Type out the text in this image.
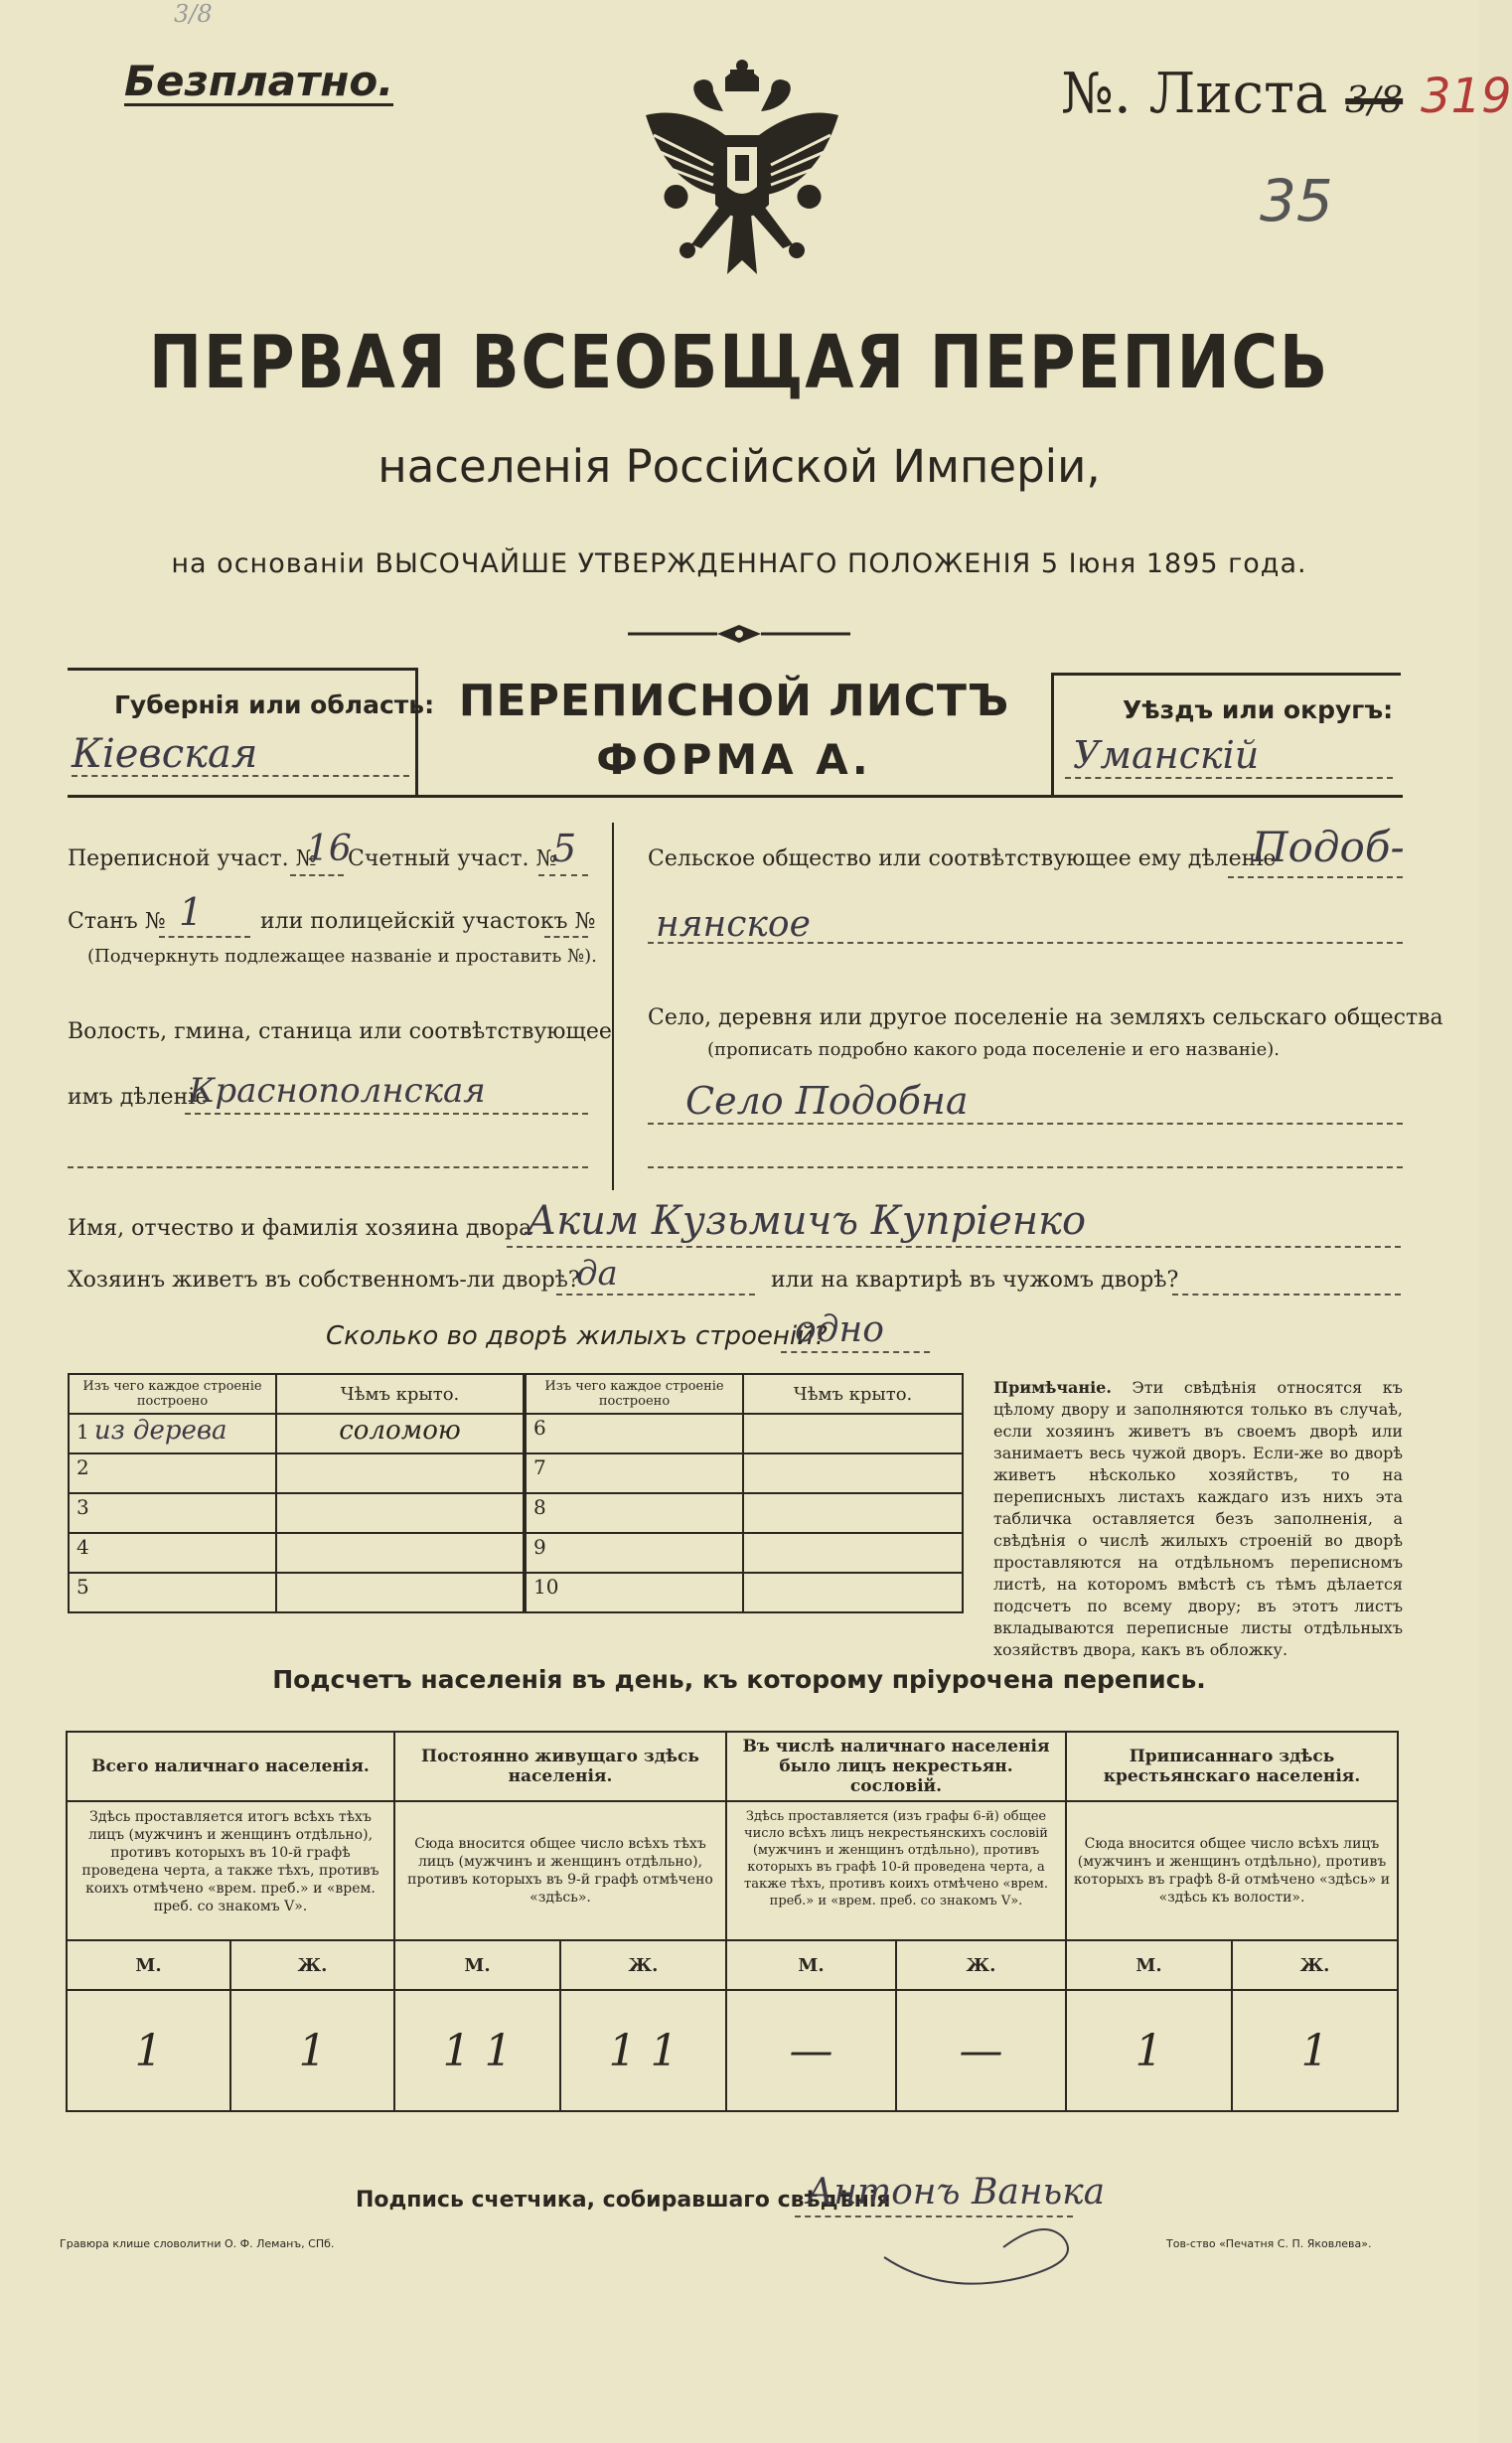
3/8
Безплатно.	№. Листа 3/8 319
35
ПЕРВАЯ ВСЕОБЩАЯ ПЕРЕПИСЬ
населенія Россійской Имперіи,
на основаніи ВЫСОЧАЙШЕ УТВЕРЖДЕННАГО ПОЛОЖЕНІЯ 5 Іюня 1895 года.
Губернія или область:
Кіевская
ПЕРЕПИСНОЙ ЛИСТЪ
ФОРМА А.
Уѣздъ или округъ:
Уманскій
Переписной участ. №
16
Счетный участ. №
5
Станъ № 1	или полицейскій участокъ №
(Подчеркнуть подлежащее названіе и проставить №).
Волость, гмина, станица или соотвѣтствующее
имъ дѣленіе
Краснополнская
Сельское общество или соотвѣтствующее ему дѣленіе
Подоб-
нянское
Село, деревня или другое поселеніе на земляхъ сельскаго общества
(прописать подробно какого рода поселеніе и его названіе).
Село Подобна
Имя, отчество и фамилія хозяина двора
Аким Кузьмичъ Купріенко
Хозяинъ живетъ въ собственномъ-ли дворѣ?
да	или на квартирѣ въ чужомъ дворѣ?
Сколько во дворѣ жилыхъ строеній?
одно
Изъ чего каждое строеніе построено	Чѣмъ крыто.
1 из дерева	соломою
2	
3	
4	
5	
Изъ чего каждое строеніе построено	Чѣмъ крыто.
6	
7	
8	
9	
10	
Примѣчаніе. Эти свѣдѣнія относятся къ цѣлому двору и заполняются только въ случаѣ, если хозяинъ живетъ въ своемъ дворѣ или занимаетъ весь чужой дворъ. Если-же во дворѣ живетъ нѣсколько хозяйствъ, то на переписныхъ листахъ каждаго изъ нихъ эта табличка оставляется безъ заполненія, а свѣдѣнія о числѣ жилыхъ строеній во дворѣ проставляются на отдѣльномъ переписномъ листѣ, на которомъ вмѣстѣ съ тѣмъ дѣлается подсчетъ по всему двору; въ этотъ листъ вкладываются переписные листы отдѣльныхъ хозяйствъ двора, какъ въ обложку.
Подсчетъ населенія въ день, къ которому пріурочена перепись.
Всего наличнаго населенія.		Постоянно живущаго здѣсь населенія.		Въ числѣ наличнаго населенія было лицъ некрестьян. сословій.		Приписаннаго здѣсь крестьянскаго населенія.	
Здѣсь проставляется итогъ всѣхъ тѣхъ лицъ (мужчинъ и женщинъ отдѣльно), противъ которыхъ въ 10-й графѣ проведена черта, а также тѣхъ, противъ коихъ отмѣчено «врем. преб.» и «врем. преб. со знакомъ V».		Сюда вносится общее число всѣхъ тѣхъ лицъ (мужчинъ и женщинъ отдѣльно), противъ которыхъ въ 9-й графѣ отмѣчено «здѣсь».		Здѣсь проставляется (изъ графы 6-й) общее число всѣхъ лицъ некрестьянскихъ сословій (мужчинъ и женщинъ отдѣльно), противъ которыхъ въ графѣ 10-й проведена черта, а также тѣхъ, противъ коихъ отмѣчено «врем. преб.» и «врем. преб. со знакомъ V».		Сюда вносится общее число всѣхъ лицъ (мужчинъ и женщинъ отдѣльно), противъ которыхъ въ графѣ 8-й отмѣчено «здѣсь» и «здѣсь къ волости».	
М.	Ж.	М.	Ж.	М.	Ж.	М.	Ж.
1	1	1 1	1 1	—	—	1	1
Подпись счетчика, собиравшаго свѣдѣнія
Антонъ Ванька
Гравюра клише словолитни О. Ф. Леманъ, СПб.	Тов-ство «Печатня С. П. Яковлева».
